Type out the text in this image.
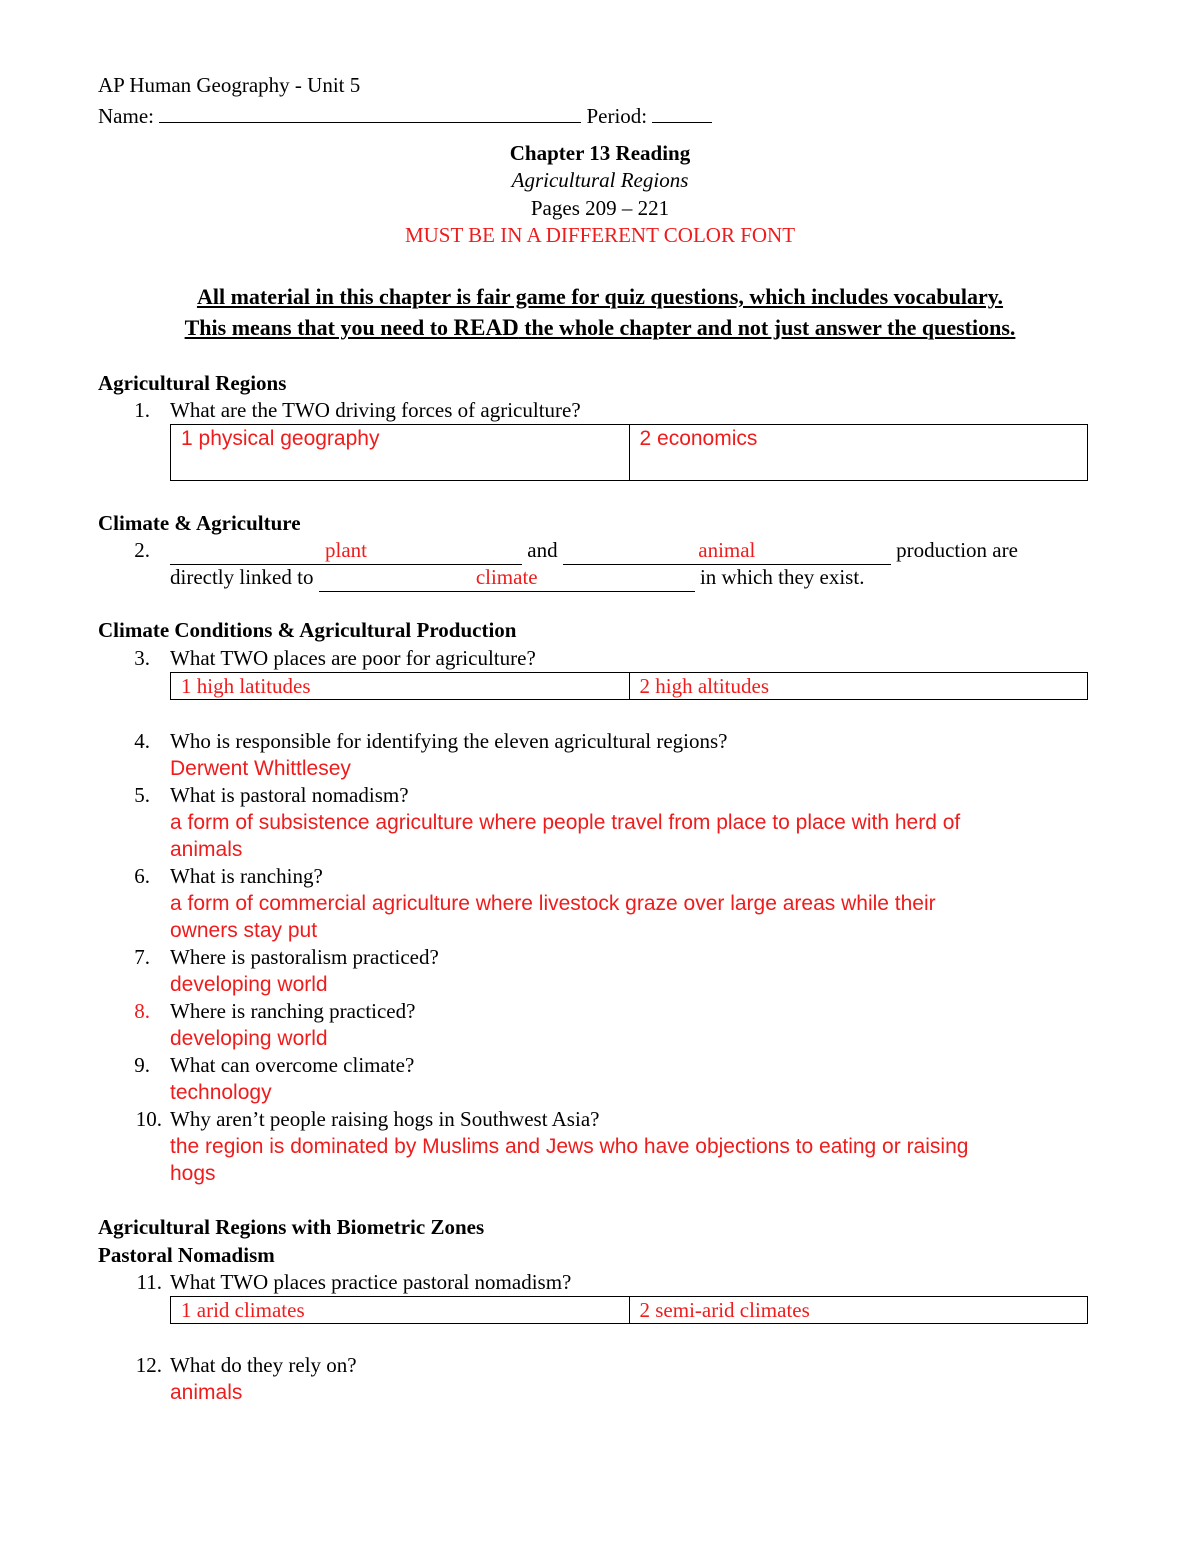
AP Human Geography - Unit 5
Name:	Period:
Chapter 13 Reading
Agricultural Regions
Pages 209 – 221
MUST BE IN A DIFFERENT COLOR FONT
All material in this chapter is fair game for quiz questions, which includes vocabulary.
This means that you need to READ the whole chapter and not just answer the questions.
Agricultural Regions
1. What are the TWO driving forces of agriculture?
1 physical geography	2 economics
Climate & Agriculture
2.	plant	and	animal	production are
directly linked to	climate	in which they exist.
Climate Conditions & Agricultural Production
3. What TWO places are poor for agriculture?
1 high latitudes	2 high altitudes
4. Who is responsible for identifying the eleven agricultural regions?
Derwent Whittlesey
5. What is pastoral nomadism?
a form of subsistence agriculture where people travel from place to place with herd of
animals
6. What is ranching?
a form of commercial agriculture where livestock graze over large areas while their
owners stay put
7. Where is pastoralism practiced?
developing world
8. Where is ranching practiced?
developing world
9. What can overcome climate?
technology
10. Why aren’t people raising hogs in Southwest Asia?
the region is dominated by Muslims and Jews who have objections to eating or raising
hogs
Agricultural Regions with Biometric Zones
Pastoral Nomadism
11. What TWO places practice pastoral nomadism?
1 arid climates	2 semi-arid climates
12. What do they rely on?
animals
